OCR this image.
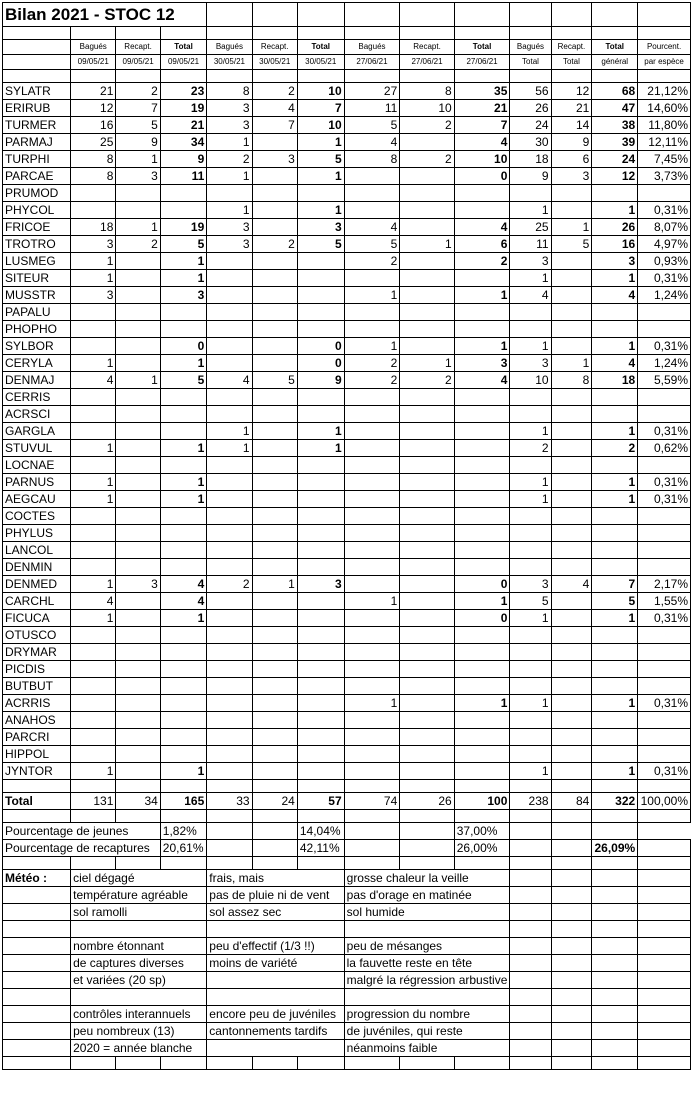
Bilan 2021 - STOC 12													

	Bagués	Recapt.	Total	Bagués	Recapt.	Total	Bagués	Recapt.	Total	Bagués	Recapt.	Total	Pourcent.
	09/05/21	09/05/21	09/05/21	30/05/21	30/05/21	30/05/21	27/06/21	27/06/21	27/06/21	Total	Total	général	par espèce

SYLATR	21	2	23	8	2	10	27	8	35	56	12	68	21,12%
ERIRUB	12	7	19	3	4	7	11	10	21	26	21	47	14,60%
TURMER	16	5	21	3	7	10	5	2	7	24	14	38	11,80%
PARMAJ	25	9	34	1		1	4		4	30	9	39	12,11%
TURPHI	8	1	9	2	3	5	8	2	10	18	6	24	7,45%
PARCAE	8	3	11	1		1			0	9	3	12	3,73%
PRUMOD													
PHYCOL				1		1				1		1	0,31%
FRICOE	18	1	19	3		3	4		4	25	1	26	8,07%
TROTRO	3	2	5	3	2	5	5	1	6	11	5	16	4,97%
LUSMEG	1		1				2		2	3		3	0,93%
SITEUR	1		1							1		1	0,31%
MUSSTR	3		3				1		1	4		4	1,24%
PAPALU													
PHOPHO													
SYLBOR			0			0	1		1	1		1	0,31%
CERYLA	1		1			0	2	1	3	3	1	4	1,24%
DENMAJ	4	1	5	4	5	9	2	2	4	10	8	18	5,59%
CERRIS													
ACRSCI													
GARGLA				1		1				1		1	0,31%
STUVUL	1		1	1		1				2		2	0,62%
LOCNAE													
PARNUS	1		1							1		1	0,31%
AEGCAU	1		1							1		1	0,31%
COCTES													
PHYLUS													
LANCOL													
DENMIN													
DENMED	1	3	4	2	1	3			0	3	4	7	2,17%
CARCHL	4		4				1		1	5		5	1,55%
FICUCA	1		1						0	1		1	0,31%
OTUSCO													
DRYMAR													
PICDIS													
BUTBUT													
ACRRIS							1		1	1		1	0,31%
ANAHOS													
PARCRI													
HIPPOL													
JYNTOR	1		1							1		1	0,31%

Total	131	34	165	33	24	57	74	26	100	238	84	322	100,00%

Pourcentage de jeunes			1,82%			14,04%			37,00%				
Pourcentage de recaptures			20,61%			42,11%			26,00%			26,09%	

Météo :	ciel dégagé			frais, mais			grosse chaleur la veille						
	température agréable			pas de pluie ni de vent			pas d'orage en matinée						
	sol ramolli			sol assez sec			sol humide						

	nombre étonnant			peu d'effectif (1/3 !!)			peu de mésanges						
	de captures diverses			moins de variété			la fauvette reste en tête						
	et variées (20 sp)						malgré la régression arbustive						

	contrôles interannuels			encore peu de juvéniles			progression du nombre						
	peu nombreux (13)			cantonnements tardifs			de juvéniles, qui reste						
	2020 = année blanche						néanmoins faible						
